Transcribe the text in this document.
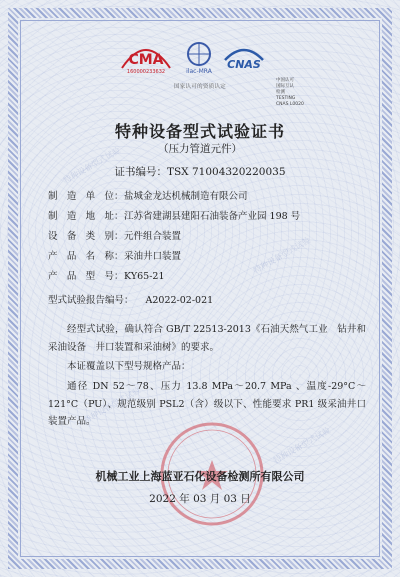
特种设备型式试验
特种设备型式试验
特种设备型式试验
特种设备型式试验
CMA
160000233632	ilac-MRA
CNAS
中国认可
国际互认
检测
TESTING
CNAS L0020
国家认可的资质认定
特种设备型式试验证书
（压力管道元件）
证书编号：TSX 71004320220035
制造单位 ： 盐城金龙达机械制造有限公司
制造地址 ： 江苏省建湖县建阳石油装备产业园 198 号
设备类别 ： 元件组合装置
产品名称 ： 采油井口装置
产品型号 ： KY65-21
型式试验报告编号： A2022-02-021
经型式试验，确认符合 GB/T 22513-2013《石油天然气工业　钻井和采油设备　井口装置和采油树》的要求。
本证覆盖以下型号规格产品：
通径 DN 52～78、压力 13.8 MPa～20.7 MPa 、温度-29°C～121°C（PU）、规范级别 PSL2（含）级以下、性能要求 PR1 级采油井口装置产品。
机械工业上海蓝亚石化设备检测所有限公司
2022 年 03 月 03 日
